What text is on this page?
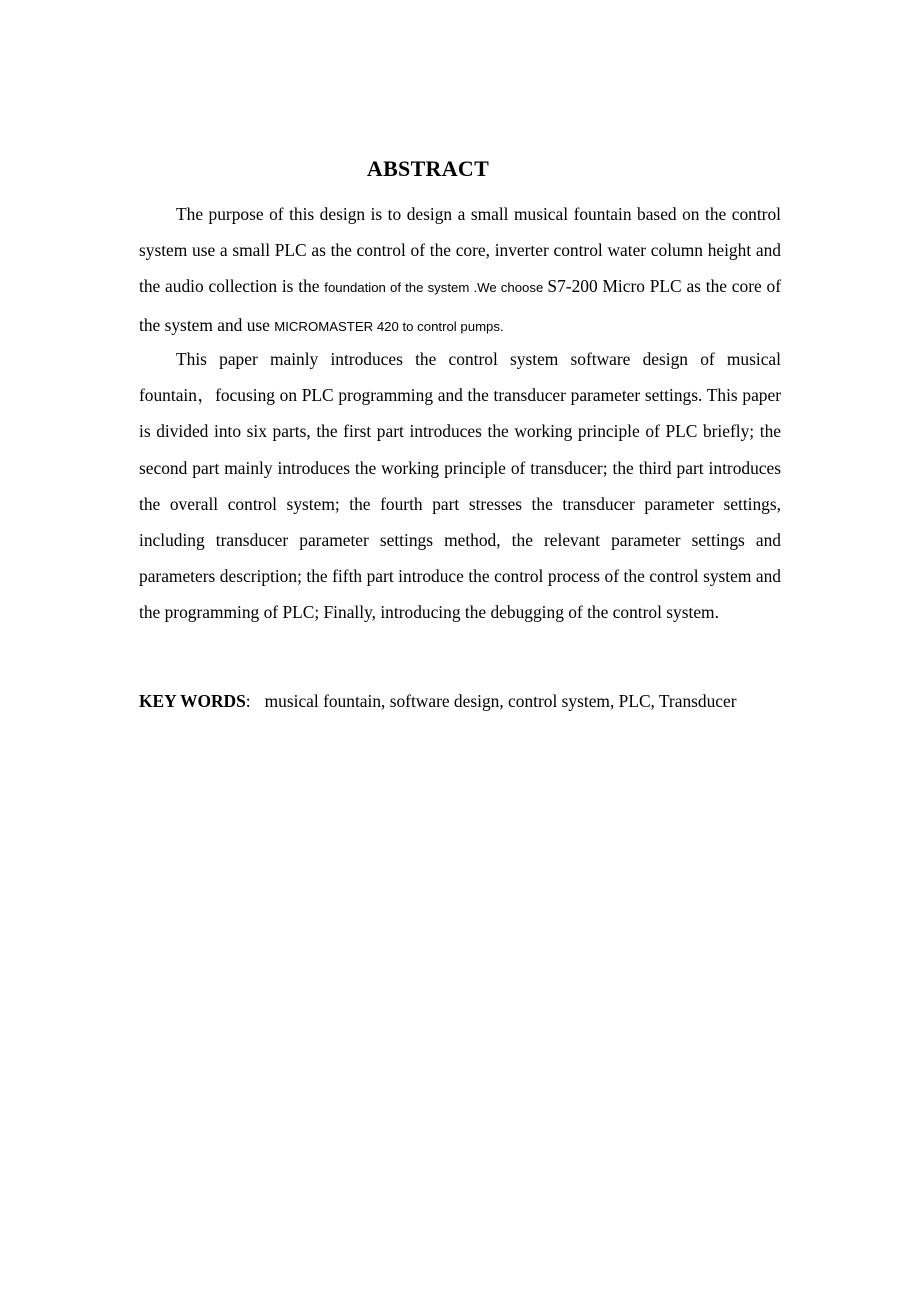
ABSTRACT

The purpose of this design is to design a small musical fountain based on the control system use a small PLC as the control of the core, inverter control water column height and the audio collection is the foundation of the system .We choose S7-200 Micro PLC as the core of the system and use MICROMASTER 420 to control pumps.

This paper mainly introduces the control system software design of musical fountain，focusing on PLC programming and the transducer parameter settings. This paper is divided into six parts, the first part introduces the working principle of PLC briefly; the second part mainly introduces the working principle of transducer; the third part introduces the overall control system; the fourth part stresses the transducer parameter settings, including transducer parameter settings method, the relevant parameter settings and parameters description; the fifth part introduce the control process of the control system and the programming of PLC; Finally, introducing the debugging of the control system.

KEY WORDS: musical fountain, software design, control system, PLC, Transducer
